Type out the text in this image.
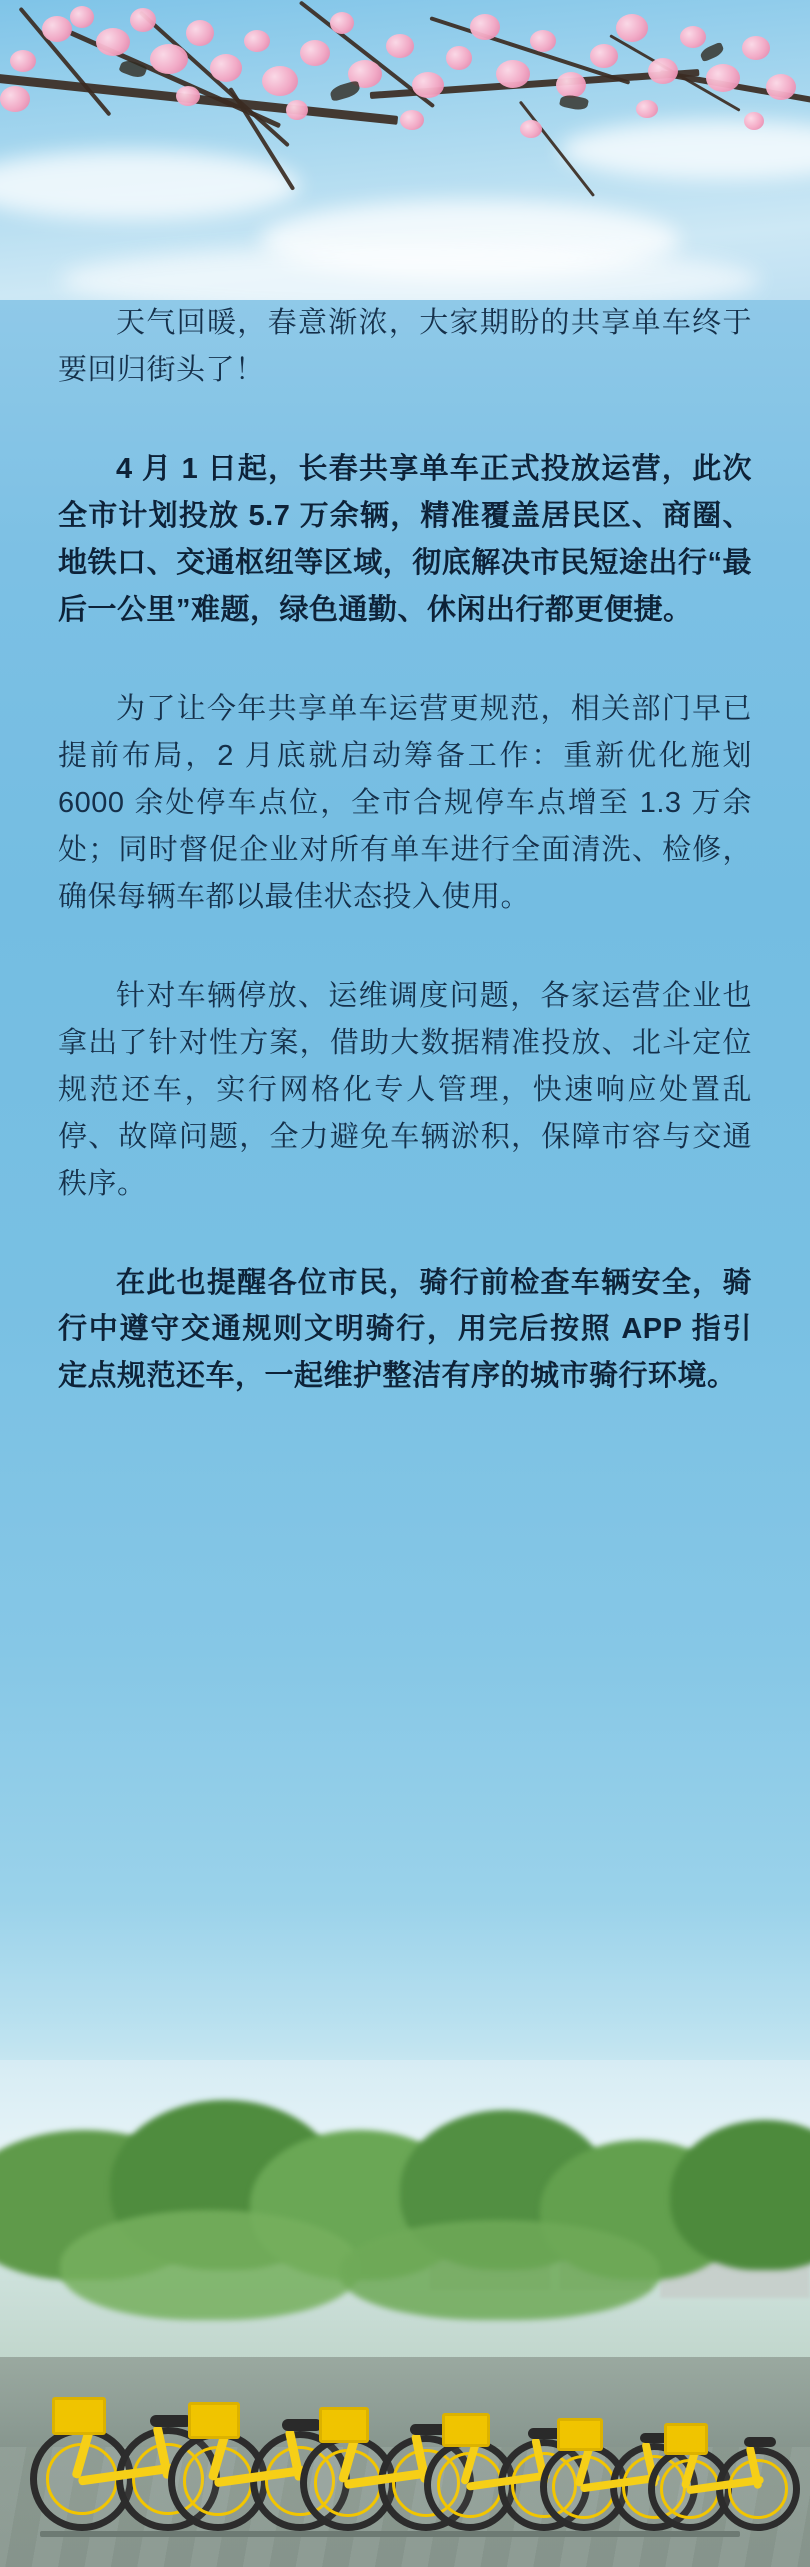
天气回暖，春意渐浓，大家期盼的共享单车终于要回归街头了！

4 月 1 日起，长春共享单车正式投放运营，此次全市计划投放 5.7 万余辆，精准覆盖居民区、商圈、地铁口、交通枢纽等区域，彻底解决市民短途出行“最后一公里”难题，绿色通勤、休闲出行都更便捷。

为了让今年共享单车运营更规范，相关部门早已提前布局，2 月底就启动筹备工作：重新优化施划 6000 余处停车点位，全市合规停车点增至 1.3 万余处；同时督促企业对所有单车进行全面清洗、检修，确保每辆车都以最佳状态投入使用。

针对车辆停放、运维调度问题，各家运营企业也拿出了针对性方案，借助大数据精准投放、北斗定位规范还车，实行网格化专人管理，快速响应处置乱停、故障问题，全力避免车辆淤积，保障市容与交通秩序。

在此也提醒各位市民，骑行前检查车辆安全，骑行中遵守交通规则文明骑行，用完后按照 APP 指引定点规范还车，一起维护整洁有序的城市骑行环境。
